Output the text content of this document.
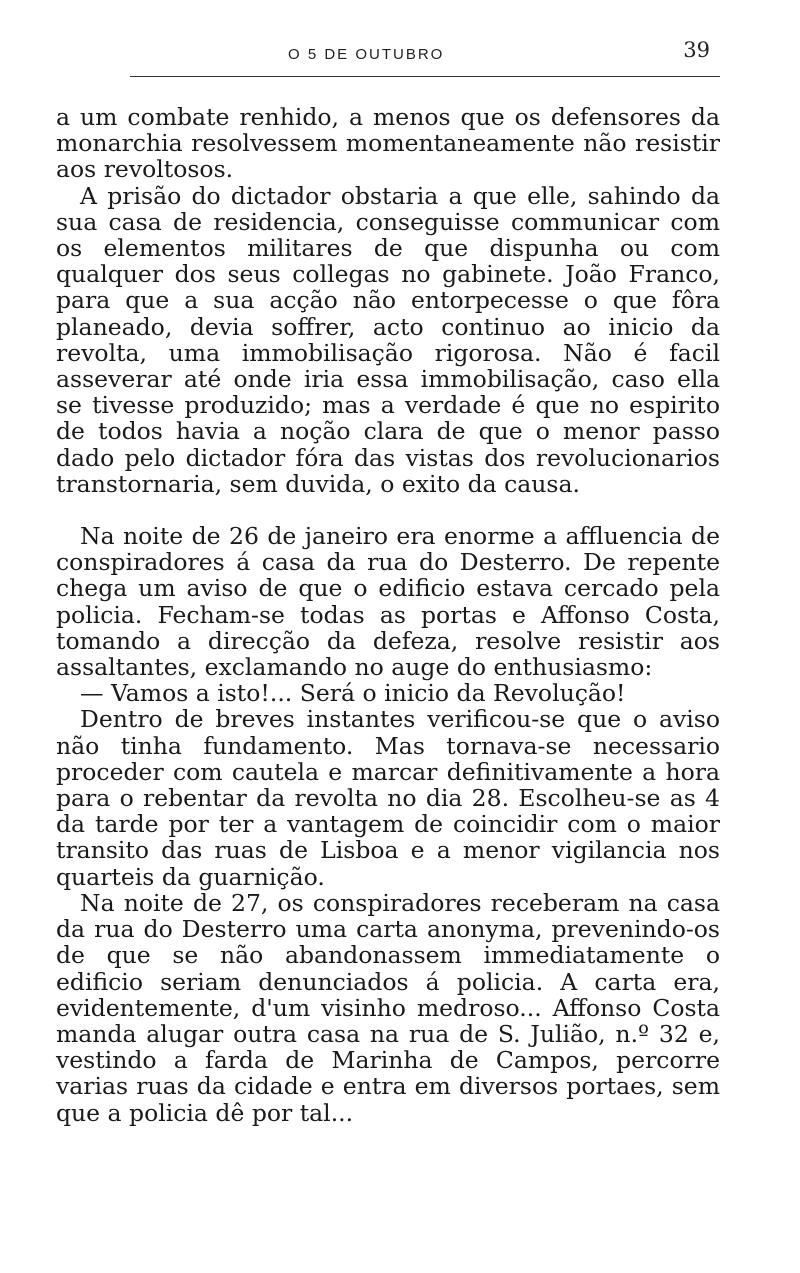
O 5 DE OUTUBRO	39
a um combate renhido, a menos que os defensores da monarchia resolvessem momentaneamente não resistir aos revoltosos.
A prisão do dictador obstaria a que elle, sahindo da sua casa de residencia, conseguisse communicar com os elementos militares de que dispunha ou com qualquer dos seus collegas no gabinete. João Franco, para que a sua acção não entorpecesse o que fôra planeado, devia soffrer, acto continuo ao inicio da revolta, uma immobilisação rigorosa. Não é facil asseverar até onde iria essa immobilisação, caso ella se tivesse produzido; mas a verdade é que no espirito de todos havia a noção clara de que o menor passo dado pelo dictador fóra das vistas dos revolucionarios transtornaria, sem duvida, o exito da causa.
Na noite de 26 de janeiro era enorme a affluencia de conspiradores á casa da rua do Desterro. De repente chega um aviso de que o edificio estava cercado pela policia. Fecham-se todas as portas e Affonso Costa, tomando a direcção da defeza, resolve resistir aos assaltantes, exclamando no auge do enthusiasmo:
— Vamos a isto!... Será o inicio da Revolução!
Dentro de breves instantes verificou-se que o aviso não tinha fundamento. Mas tornava-se necessario proceder com cautela e marcar definitivamente a hora para o rebentar da revolta no dia 28. Escolheu-se as 4 da tarde por ter a vantagem de coincidir com o maior transito das ruas de Lisboa e a menor vigilancia nos quarteis da guarnição.
Na noite de 27, os conspiradores receberam na casa da rua do Desterro uma carta anonyma, prevenindo-os de que se não abandonassem immediatamente o edificio seriam denunciados á policia. A carta era, evidentemente, d'um visinho medroso... Affonso Costa manda alugar outra casa na rua de S. Julião, n.º 32 e, vestindo a farda de Marinha de Campos, percorre varias ruas da cidade e entra em diversos portaes, sem que a policia dê por tal...
